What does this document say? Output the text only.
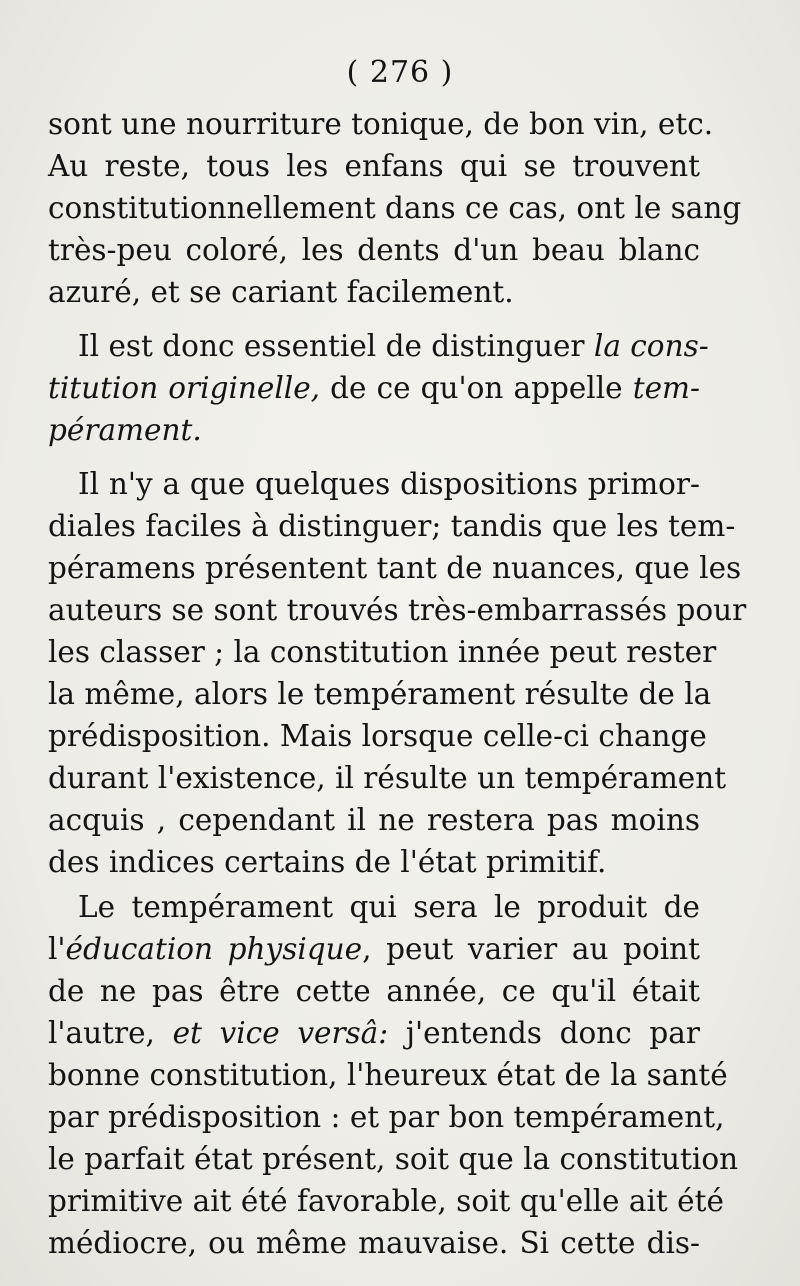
( 276 )
sont une nourriture tonique, de bon vin, etc.
Au reste, tous les enfans qui se trouvent
constitutionnellement dans ce cas, ont le sang
très-peu coloré, les dents d'un beau blanc
azuré, et se cariant facilement.
Il est donc essentiel de distinguer la cons-
titution originelle, de ce qu'on appelle tem-
pérament.
Il n'y a que quelques dispositions primor-
diales faciles à distinguer; tandis que les tem-
péramens présentent tant de nuances, que les
auteurs se sont trouvés très-embarrassés pour
les classer ; la constitution innée peut rester
la même, alors le tempérament résulte de la
prédisposition. Mais lorsque celle-ci change
durant l'existence, il résulte un tempérament
acquis , cependant il ne restera pas moins
des indices certains de l'état primitif.
Le tempérament qui sera le produit de
l'éducation physique, peut varier au point
de ne pas être cette année, ce qu'il était
l'autre, et vice versâ: j'entends donc par
bonne constitution, l'heureux état de la santé
par prédisposition : et par bon tempérament,
le parfait état présent, soit que la constitution
primitive ait été favorable, soit qu'elle ait été
médiocre, ou même mauvaise. Si cette dis-
